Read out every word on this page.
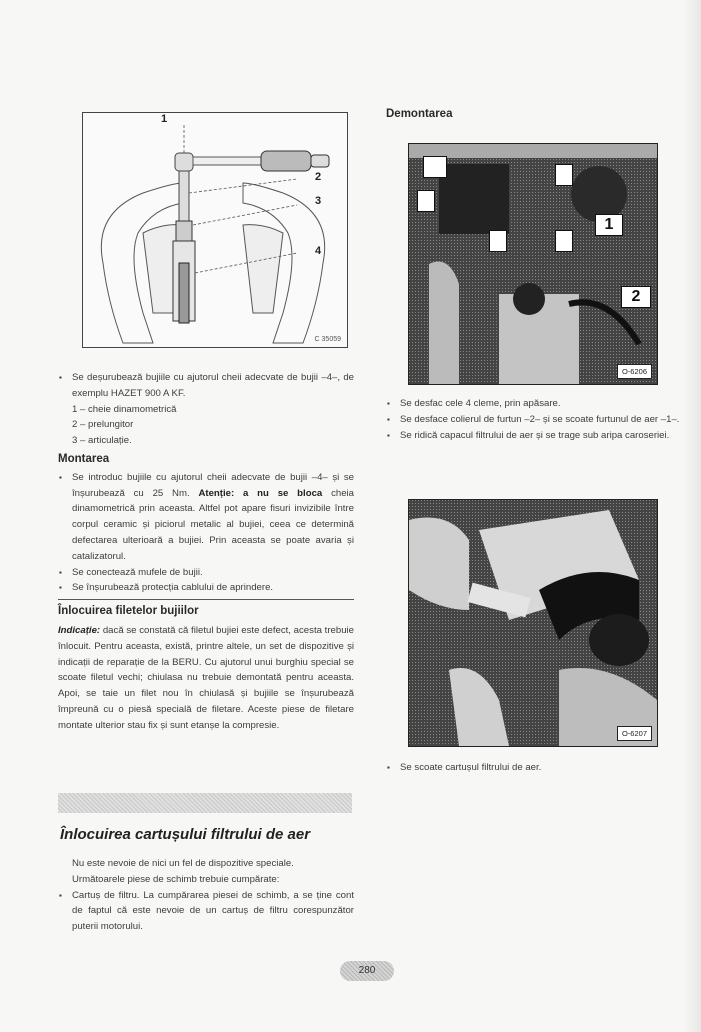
1
2
3
4
C 35059
▪ Se deșurubează bujiile cu ajutorul cheii adecvate de bujii –4–, de exemplu HAZET 900 A KF.
1 – cheie dinamometrică
2 – prelungitor
3 – articulație.
Montarea
▪ Se introduc bujiile cu ajutorul cheii adecvate de bujii –4– și se înșurubează cu 25 Nm. Atenție: a nu se bloca cheia dinamometrică prin aceasta. Altfel pot apare fisuri invizibile între corpul ceramic și piciorul metalic al bujiei, ceea ce determină defectarea ulterioară a bujiei. Prin aceasta se poate avaria și catalizatorul.
▪ Se conectează mufele de bujii.
▪ Se înșurubează protecția cablului de aprindere.
Înlocuirea filetelor bujiilor
Indicație: dacă se constată că filetul bujiei este defect, acesta trebuie înlocuit. Pentru aceasta, există, printre altele, un set de dispozitive și indicații de reparație de la BERU. Cu ajutorul unui burghiu special se scoate filetul vechi; chiulasa nu trebuie demontată pentru aceasta. Apoi, se taie un filet nou în chiulasă și bujiile se înșurubează împreună cu o piesă specială de filetare. Aceste piese de filetare montate ulterior stau fix și sunt etanșe la compresie.
Înlocuirea cartușului filtrului de aer
Nu este nevoie de nici un fel de dispozitive speciale.
Următoarele piese de schimb trebuie cumpărate:
▪ Cartuș de filtru. La cumpărarea piesei de schimb, a se ține cont de faptul că este nevoie de un cartuș de filtru corespunzător puterii motorului.
Demontarea
1
2
O-6206
▪ Se desfac cele 4 cleme, prin apăsare.
▪ Se desface colierul de furtun –2– și se scoate furtunul de aer –1–.
▪ Se ridică capacul filtrului de aer și se trage sub aripa caroseriei.
O-6207
▪ Se scoate cartușul filtrului de aer.
280
